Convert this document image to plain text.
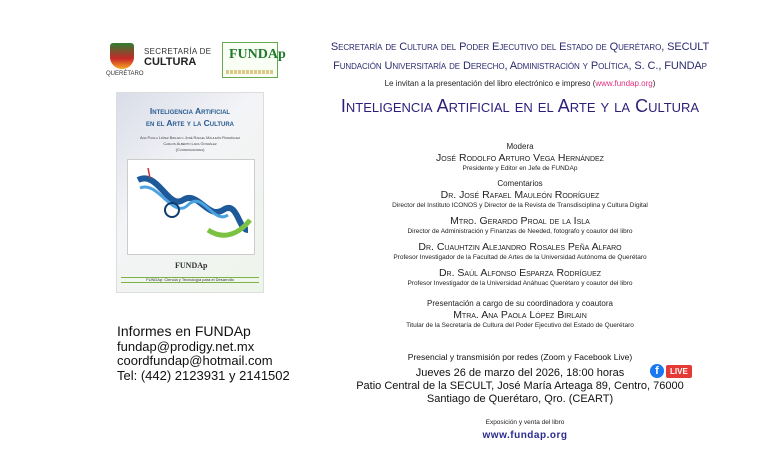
QUERÉTARO
SECRETARÍA DE
CULTURA FUNDAp
Inteligencia Artificial
en el Arte y la Cultura
Ana Paola López Birlain • José Rafael Mauleón Rodríguez
Carlos Alberto Lara González
(Coordinadores)
FUNDAp
FUNDAp: Ciencia y Tecnología para el Desarrollo
Informes en FUNDAp
fundap@prodigy.net.mx
coordfundap@hotmail.com
Tel: (442) 2123931 y 2141502
Secretaría de Cultura del Poder Ejecutivo del Estado de Querétaro, SECULT
Fundación Universitaría de Derecho, Administración y Política, S. C., FUNDAp
Le invitan a la presentación del libro electrónico e impreso (www.fundap.org)
Inteligencia Artificial en el Arte y la Cultura
Modera
José Rodolfo Arturo Vega Hernández
Presidente y Editor en Jefe de FUNDAp
Comentarios
Dr. José Rafael Mauleón Rodríguez
Director del Instituto ICONOS y Director de la Revista de Transdisciplina y Cultura Digital
Mtro. Gerardo Proal de la Isla
Director de Administración y Finanzas de Needed, fotografo y coautor del libro
Dr. Cuauhtzin Alejandro Rosales Peña Alfaro
Profesor Investigador de la Facultad de Artes de la Universidad Autónoma de Querétaro
Dr. Saúl Alfonso Esparza Rodríguez
Profesor Investigador de la Universidad Anáhuac Querétaro y coautor del libro
Presentación a cargo de su coordinadora y coautora
Mtra. Ana Paola López Birlain
Titular de la Secretaría de Cultura del Poder Ejecutivo del Estado de Querétaro
Presencial y transmisión por redes (Zoom y Facebook Live)
Jueves 26 de marzo del 2026, 18:00 horas
Patio Central de la SECULT, José María Arteaga 89, Centro, 76000
Santiago de Querétaro, Qro. (CEART)
f	LIVE
Exposición y venta del libro
www.fundap.org
